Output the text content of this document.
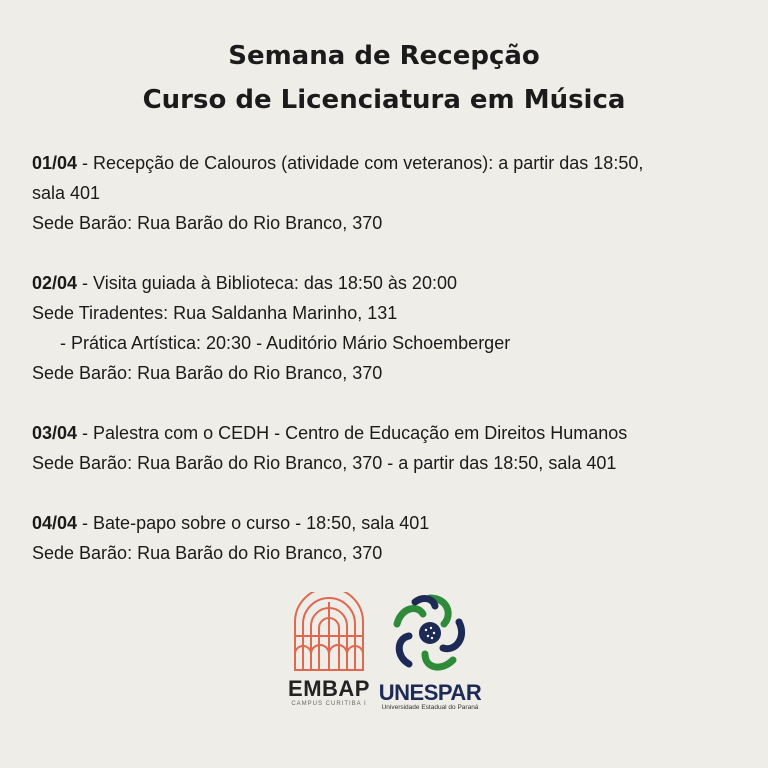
Semana de Recepção
Curso de Licenciatura em Música
01/04 - Recepção de Calouros (atividade com veteranos): a partir das 18:50,
sala 401
Sede Barão: Rua Barão do Rio Branco, 370
02/04 - Visita guiada à Biblioteca: das 18:50 às 20:00
Sede Tiradentes: Rua Saldanha Marinho, 131
- Prática Artística: 20:30 - Auditório Mário Schoemberger
Sede Barão: Rua Barão do Rio Branco, 370
03/04 - Palestra com o CEDH - Centro de Educação em Direitos Humanos
Sede Barão: Rua Barão do Rio Branco, 370 - a partir das 18:50, sala 401
04/04 - Bate-papo sobre o curso - 18:50, sala 401
Sede Barão: Rua Barão do Rio Branco, 370
EMBAP
CAMPUS CURITIBA I UNESPAR
Universidade Estadual do Paraná
